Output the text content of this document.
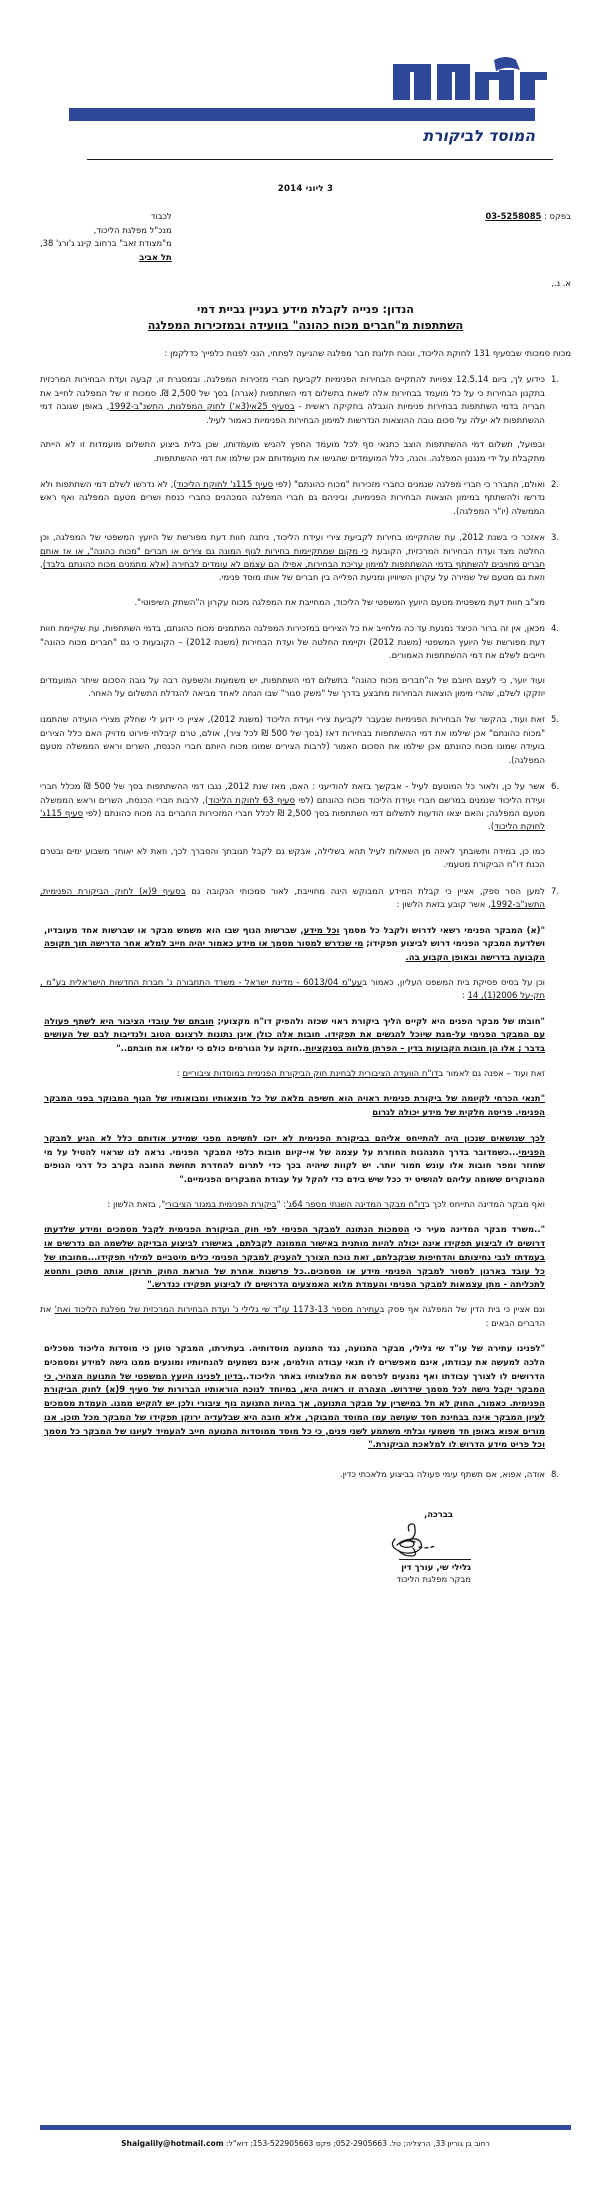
המוסד לביקורת
3 ליוני 2014
לכבוד
מנכ"ל מפלגת הליכוד,
מ"מצודת זאב" ברחוב קינג ג'ורג' 38,
תל אביב
בפקס : 03-5258085
א. נ.,
הנדון: פנייה לקבלת מידע בעניין גביית דמי
השתתפות מ"חברים מכוח כהונה" בוועידה ובמזכירות המפלגה
מכוח סמכותי שבסעיף 131 לחוקת הליכוד, ונוכח תלונת חבר מפלגה שהגיעה לפתחי, הנני לפנות כלפייך כדלקמן :
1.
כידוע לך, ביום 12.5.14 צפויות להתקיים הבחירות הפנימיות לקביעת חברי מזכירות המפלגה. ובמסגרת זו, קבעה ועדת הבחירות המרכזית בתקנון הבחירות כי על כל מועמד בבחירות אלה לשאת בתשלום דמי השתתפות (אגרה) בסך של 2,500 ₪. סמכות זו של המפלגה לחייב את חבריה בדמי השתתפות בבחירות פנימיות הוגבלה בחקיקה ראשית - בסעיף 25אי(3א') לחוק המפלגות, התשנ"ב-1992, באופן שגובה דמי ההשתתפות לא יעלה על סכום גובה ההוצאות הנדרשות למימון הבחירות הפנימיות כאמור לעיל.
ובפועל, תשלום דמי ההשתתפות הוצב כתנאי סף לכל מועמד החפץ להגיש מועמדותו, שכן בלית ביצוע התשלום מועמדות זו לא הייתה מתקבלת על ידי מנגנון המפלגה. והנה, כלל המועמדים שהגישו את מועמדותם אכן שילמו את דמי ההשתתפות.
2.
ואולם, התברר כי חברי מפלגה שנמנים כחברי מזכירות "מכוח כהונתם" (לפי סעיף 115ג' לחוקת הליכוד), לא נדרשו לשלם דמי השתתפות ולא נדרשו ולהשתתף במימון הוצאות הבחירות הפנימיות, וביניהם גם חברי המפלגה המכהנים כחברי כנסת ושרים מטעם המפלגה ואף ראש הממשלה (יו"ר המפלגה).
3.
אאזכר כי בשנת 2012, עת שהתקיימו בחירות לקביעת צירי ועידת הליכוד, ניתנה חוות דעת מפורשת של היועץ המשפטי של המפלגה, וכן החלטה מצד ועדת הבחירות המרכזית, הקובעת כי מקום שמתקיימות בחירות לגוף המונה גם צירים או חברים "מכוח כהונה", או אז אותם חברים מחויבים להשתתף בדמי ההשתתפות למימון עריכת הבחירות, אפילו הם עצמם לא עומדים לבחירה (אלא מתמנים מכוח כהונתם בלבד), וזאת גם מטעם של שמירה על עקרון השיוויון ומניעת הפלייה בין חברים של אותו מוסד פנימי.
מצ"ב חוות דעת משפטית מטעם היועץ המשפטי של הליכוד, המחייבת את המפלגה מכוח עקרון ה"השתק השיפוטי".
4.
מכאן, אין זה ברור הכיצד נמנעת עד כה מלחייב את כל הצירים במזכירות המפלגה המתמנים מכוח כהונתם, בדמי השתתפות, עת שקיימת חוות דעת מפורשת של היועץ המשפטי (משנת 2012) וקיימת החלטה של ועדת הבחירות (משנת 2012) – הקובעות כי גם "חברים מכוח כהונה" חייבים לשלם את דמי ההשתתפות האמורים.
ועוד יוער, כי לעצם חיובם של ה"חברים מכוח כהונה" בתשלום דמי השתתפות, יש משמעות והשפעה רבה על גובה הסכום שיתר המועמדים יוזקקו לשלם, שהרי מימון הוצאות הבחירות מתבצע בדרך של "משק סגור" שבו הנחה לאחד מביאה להגדלת התשלום על האחר.
5.
זאת ועוד, בהקשר של הבחירות הפנימיות שבעבר לקביעת צירי ועידת הליכוד (משנת 2012), אציין כי ידוע לי שחלק מצירי הועידה שהתמנו "מכוח כהונתם" אכן שילמו את דמי ההשתתפות בבחירות דאז (בסך של 500 ₪ לכל ציר), אולם, טרם קיבלתי פירוט מדויק האם כלל הצירים בועידה שמונו מכוח כהונתם אכן שילמו את הסכום האמור (לרבות הצירים שמונו מכוח היותם חברי הכנסת, השרים וראש הממשלה מטעם המפלגה).
6.
אשר על כן, ולאור כל המוטעם לעיל - אבקשך בזאת להודיעני : האם, מאז שנת 2012, נגבו דמי ההשתתפות בסך של 500 ₪ מכלל חברי ועידת הליכוד שנמנים במרשם חברי ועידת הליכוד מכוח כהונתם (לפי סעיף 63 לחוקת הליכוד), לרבות חברי הכנסת, השרים וראש הממשלה מטעם המפלגה; והאם יצאו הודעות לתשלום דמי השתתפות בסך 2,500 ₪ לכלל חברי המזכירות החברים בה מכוח כהונתם (לפי סעיף 115ג' לחוקת הליכוד).
כמו כן, במידה ותשובתך לאיזה מן השאלות לעיל תהא בשלילה, אבקש גם לקבל תגובתך והסברך לכך, וזאת לא יאוחר משבוע ימים ובטרם הכנת דו"ח הביקורת מטעמי.
7.
למען הסר ספק, אציין כי קבלת המידע המבוקש הינה מחוייבת, לאור סמכותי הנקובה גם בסעיף 9(א) לחוק הביקורת הפנימית, התשנ"ב-1992, אשר קובע בזאת הלשון :
"(א) המבקר הפנימי רשאי לדרוש ולקבל כל מסמך וכל מידע, שברשות הגוף שבו הוא משמש מבקר או שברשות אחד מעובדיו, ושלדעת המבקר הפנימי דרוש לביצוע תפקידו; מי שנדרש למסור מסמך או מידע כאמור יהיה חייב למלא אחר הדרישה תוך תקופה הקבועה בדרישה ובאופן הקבוע בה.
וכן על בסיס פסיקת בית המשפט העליון, כאמור בעע"מ 6013/04 - מדינת ישראל - משרד התחבורה נ' חברת החדשות הישראלית בע"מ , תק-על 2006(1), 14 :
"חובתו של מבקר הפנים היא לקיים הליך ביקורת ראוי שכזה ולהפיק דו"ח מקצועי; חובתם של עובדי הציבור היא לשתף פעולה עם המבקר הפנימי על-מנת שיוכל להגשים את תפקידו. חובות אלה כולן אינן נתונות לרצונם הטוב ולנדיבות לבם של העושים בדבר ; אלו הן חובות הקבועות בדין – הפרתן מלווה בסנקציות..חזקה על הגורמים כולם כי ימלאו את חובתם.."
זאת ועוד – אפנה גם לאמור בדו"ח הוועדה הציבורית לבחינת חוק הביקורת הפנימית במוסדות ציבוריים :
"תנאי הכרחי לקיומה של ביקורת פנימית ראויה הוא חשיפה מלאה של כל מוצאותיו ומבואותיו של הגוף המבוקר בפני המבקר הפנימי. פריסה חלקית של מידע יכולה לגרום
לכך שנושאים שנכון היה להתייחס אליהם בביקורת הפנימית לא יזכו לחשיפה מפני שמידע אודותם כלל לא הגיע למבקר הפנימי...כשמדובר בדרך התנהגות החוזרת על עצמה של אי-קיום חובות כלפי המבקר הפנימי. נראה לנו שראוי להטיל על מי שחוזר ומפר חובות אלו עונש חמור יותר. יש לקוות שיהיה בכך כדי לתרום להחדרת תחושת החובה בקרב כל דרגי הגופים המבוקרים ששומה עליהם להושיט יד ככל שיש בידם כדי להקל על עבודת המבקרים הפנימיים."
ואף מבקר המדינה התייחס לכך בדו"ח מבקר המדינה השנתי מספר 64ג': "ביקורת הפנימית במגזר הציבורי", בזאת הלשון :
"..משרד מבקר המדינה מעיר כי הסמכות הנתונה למבקר הפנימי לפי חוק הביקורת הפנימית לקבל מסמכים ומידע שלדעתו דרושים לו לביצוע תפקידו אינה יכולה להיות מותנית באישור הממונה לקבלתם, באישורו לביצוע הבדיקה שלשמה הם נדרשים או בעמדתו לגבי נחיצותם והדחיפות שבקבלתם, זאת נוכח הצורך להעניק למבקר הפנימי כלים מיטביים למילוי תפקידו...מחובתו של כל עובד בארגון למסור למבקר הפנימי מידע או מסמכים..כל פרשנות אחרת של הוראת החוק תרוקן אותה מתוכן ותחטא לתכליתה - מתן עצמאות למבקר הפנימי והעמדת מלוא האמצעים הדרושים לו לביצוע תפקידו כנדרש."
וגם אציין כי בית הדין של המפלגה אף פסק בעתירה מספר 1173-13 עו"ד שי גלילי נ' ועדת הבחירות המרכזית של מפלגת הליכוד ואח' את הדברים הבאים :
"לפנינו עתירה של עו"ד שי גלילי, מבקר התנועה, נגד התנועה מוסדותיה. בעתירתו, המבקר טוען כי מוסדות הליכוד מסכלים הלכה למעשה את עבודתו, אינם מאפשרים לו תנאי עבודה הולמים, אינם נשמעים להנחיותיו ומונעים ממנו גישה למידע ומסמכים הדרושים לו לצורך עבודתו ואף נמנעים לפרסם את המלצותיו באתר הליכוד..בדיון לפנינו היועץ המשפטי של התנועה הצהיר, כי המבקר יקבל גישה לכל מסמך שידרוש. הצהרה זו ראויה היא, במיוחד לנוכח הוראותיו הברורות של סעיף 9(א) לחוק הביקורת הפנימית. כאמור, החוק לא חל במישרין על מבקר התנועה, אך בהיות התנועה גוף ציבורי ולכן יש להקיש ממנו. העמדת מסמכים לעיון המבקר אינה בבחינת חסד שעושה עמו המוסד המבוקר, אלא חובה היא שבלעדיה ירוקן תפקידו של המבקר מכל תוכן. אנו מורים אפוא באופן חד משמעי ובלתי משתמע לשני פנים, כי כל מוסד ממוסדות התנועה חייב להעמיד לעיונו של המבקר כל מסמך וכל פריט מידע הדרוש לו למלאכת הביקורת."
8.
אודה, אפוא, אם תשתף עימי פעולה בביצוע מלאכתי כדין.
בברכה,
גלילי שי, עורך דין
מבקר מפלגת הליכוד
רחוב בן גוריון 33, הרצליה; טל. 052-2905663; פקס 153-522905663; דוא"ל: Shaigalily@hotmail.com
